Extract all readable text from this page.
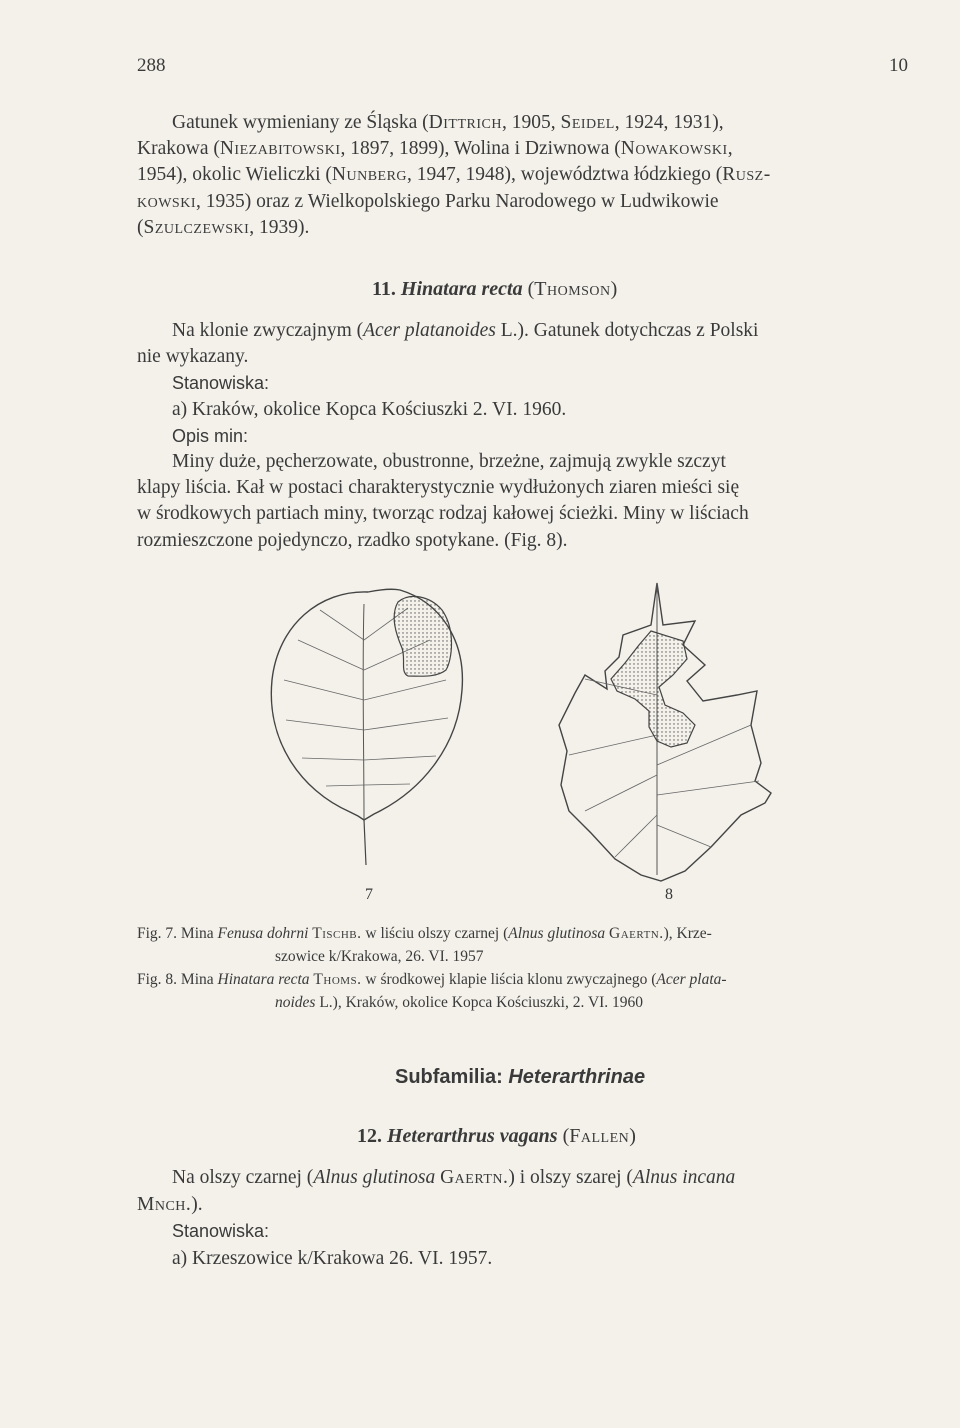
288	10
Gatunek wymieniany ze Śląska (Dittrich, 1905, Seidel, 1924, 1931),
Krakowa (Niezabitowski, 1897, 1899), Wolina i Dziwnowa (Nowakowski,
1954), okolic Wieliczki (Nunberg, 1947, 1948), województwa łódzkiego (Rusz-
kowski, 1935) oraz z Wielkopolskiego Parku Narodowego w Ludwikowie
(Szulczewski, 1939).
11. Hinatara recta (Thomson)
Na klonie zwyczajnym (Acer platanoides L.). Gatunek dotychczas z Polski
nie wykazany.
Stanowiska:
a) Kraków, okolice Kopca Kościuszki 2. VI. 1960.
Opis min:
Miny duże, pęcherzowate, obustronne, brzeżne, zajmują zwykle szczyt
klapy liścia. Kał w postaci charakterystycznie wydłużonych ziaren mieści się
w środkowych partiach miny, tworząc rodzaj kałowej ścieżki. Miny w liściach
rozmieszczone pojedynczo, rzadko spotykane. (Fig. 8).
7	8
Fig. 7. Mina Fenusa dohrni Tischb. w liściu olszy czarnej (Alnus glutinosa Gaertn.), Krze-
szowice k/Krakowa, 26. VI. 1957
Fig. 8. Mina Hinatara recta Thoms. w środkowej klapie liścia klonu zwyczajnego (Acer plata-
noides L.), Kraków, okolice Kopca Kościuszki, 2. VI. 1960
Subfamilia: Heterarthrinae
12. Heterarthrus vagans (Fallen)
Na olszy czarnej (Alnus glutinosa Gaertn.) i olszy szarej (Alnus incana
Mnch.).
Stanowiska:
a) Krzeszowice k/Krakowa 26. VI. 1957.
